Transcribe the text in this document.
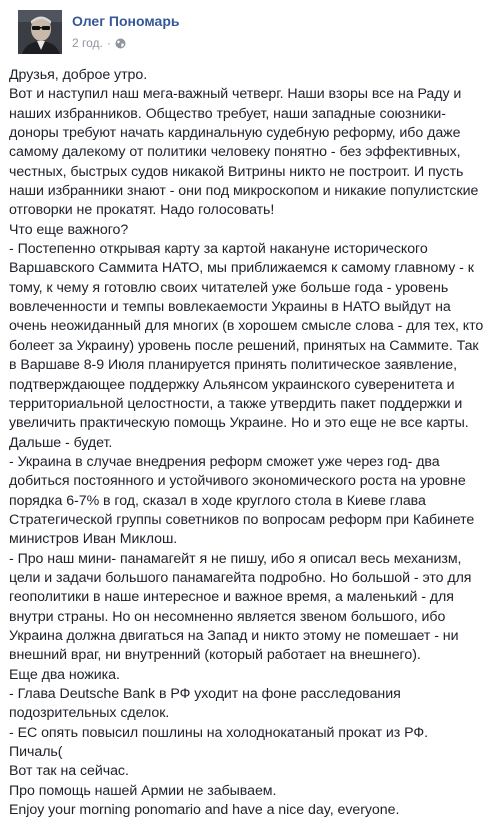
Олег Пономарь
2 год. ·
Друзья, доброе утро.
Вот и наступил наш мега-важный четверг. Наши взоры все на Раду и
наших избранников. Общество требует, наши западные союзники-
доноры требуют начать кардинальную судебную реформу, ибо даже
самому далекому от политики человеку понятно - без эффективных,
честных, быстрых судов никакой Витрины никто не построит. И пусть
наши избранники знают - они под микроскопом и никакие популистские
отговорки не прокатят. Надо голосовать!
Что еще важного?
- Постепенно открывая карту за картой накануне исторического
Варшавского Саммита НАТО, мы приближаемся к самому главному - к
тому, к чему я готовлю своих читателей уже больше года - уровень
вовлеченности и темпы вовлекаемости Украины в НАТО выйдут на
очень неожиданный для многих (в хорошем смысле слова - для тех, кто
болеет за Украину) уровень после решений, принятых на Саммите. Так
в Варшаве 8-9 Июля планируется принять политическое заявление,
подтверждающее поддержку Альянсом украинского суверенитета и
территориальной целостности, а также утвердить пакет поддержки и
увеличить практическую помощь Украине. Но и это еще не все карты.
Дальше - будет.
- Украина в случае внедрения реформ сможет уже через год- два
добиться постоянного и устойчивого экономического роста на уровне
порядка 6-7% в год, сказал в ходе круглого стола в Киеве глава
Стратегической группы советников по вопросам реформ при Кабинете
министров Иван Миклош.
- Про наш мини- панамагейт я не пишу, ибо я описал весь механизм,
цели и задачи большого панамагейта подробно. Но большой - это для
геополитики в наше интересное и важное время, а маленький - для
внутри страны. Но он несомненно является звеном большого, ибо
Украина должна двигаться на Запад и никто этому не помешает - ни
внешний враг, ни внутренний (который работает на внешнего).
Еще два ножика.
- Глава Deutsche Bank в РФ уходит на фоне расследования
подозрительных сделок.
- ЕС опять повысил пошлины на холоднокатаный прокат из РФ.
Пичаль(
Вот так на сейчас.
Про помощь нашей Армии не забываем.
Enjoy your morning ponomario and have a nice day, everyone.
